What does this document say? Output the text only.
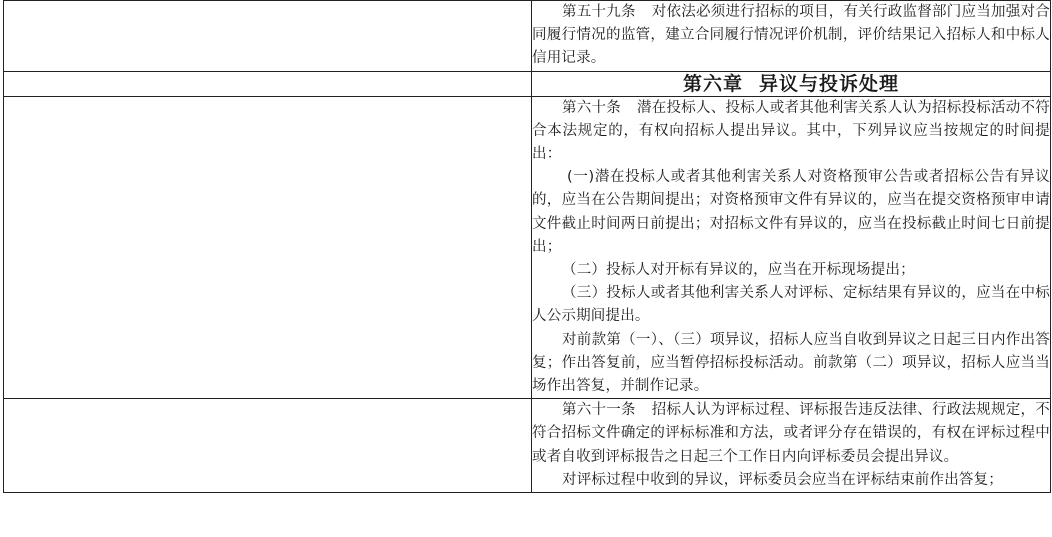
	第五十九条 对依法必须进行招标的项目，有关行政监督部门应当加强对合同履行情况的监管，建立合同履行情况评价机制，评价结果记入招标人和中标人信用记录。

	第六章 异议与投诉处理

	第六十条 潜在投标人、投标人或者其他利害关系人认为招标投标活动不符合本法规定的，有权向招标人提出异议。其中，下列异议应当按规定的时间提出：

(一)潜在投标人或者其他利害关系人对资格预审公告或者招标公告有异议的，应当在公告期间提出；对资格预审文件有异议的，应当在提交资格预审申请文件截止时间两日前提出；对招标文件有异议的，应当在投标截止时间七日前提出；

（二）投标人对开标有异议的，应当在开标现场提出；

（三）投标人或者其他利害关系人对评标、定标结果有异议的，应当在中标人公示期间提出。

对前款第（一）、（三）项异议，招标人应当自收到异议之日起三日内作出答复；作出答复前，应当暂停招标投标活动。前款第（二）项异议，招标人应当当场作出答复，并制作记录。

	第六十一条 招标人认为评标过程、评标报告违反法律、行政法规规定，不符合招标文件确定的评标标准和方法，或者评分存在错误的，有权在评标过程中或者自收到评标报告之日起三个工作日内向评标委员会提出异议。

对评标过程中收到的异议，评标委员会应当在评标结束前作出答复；
